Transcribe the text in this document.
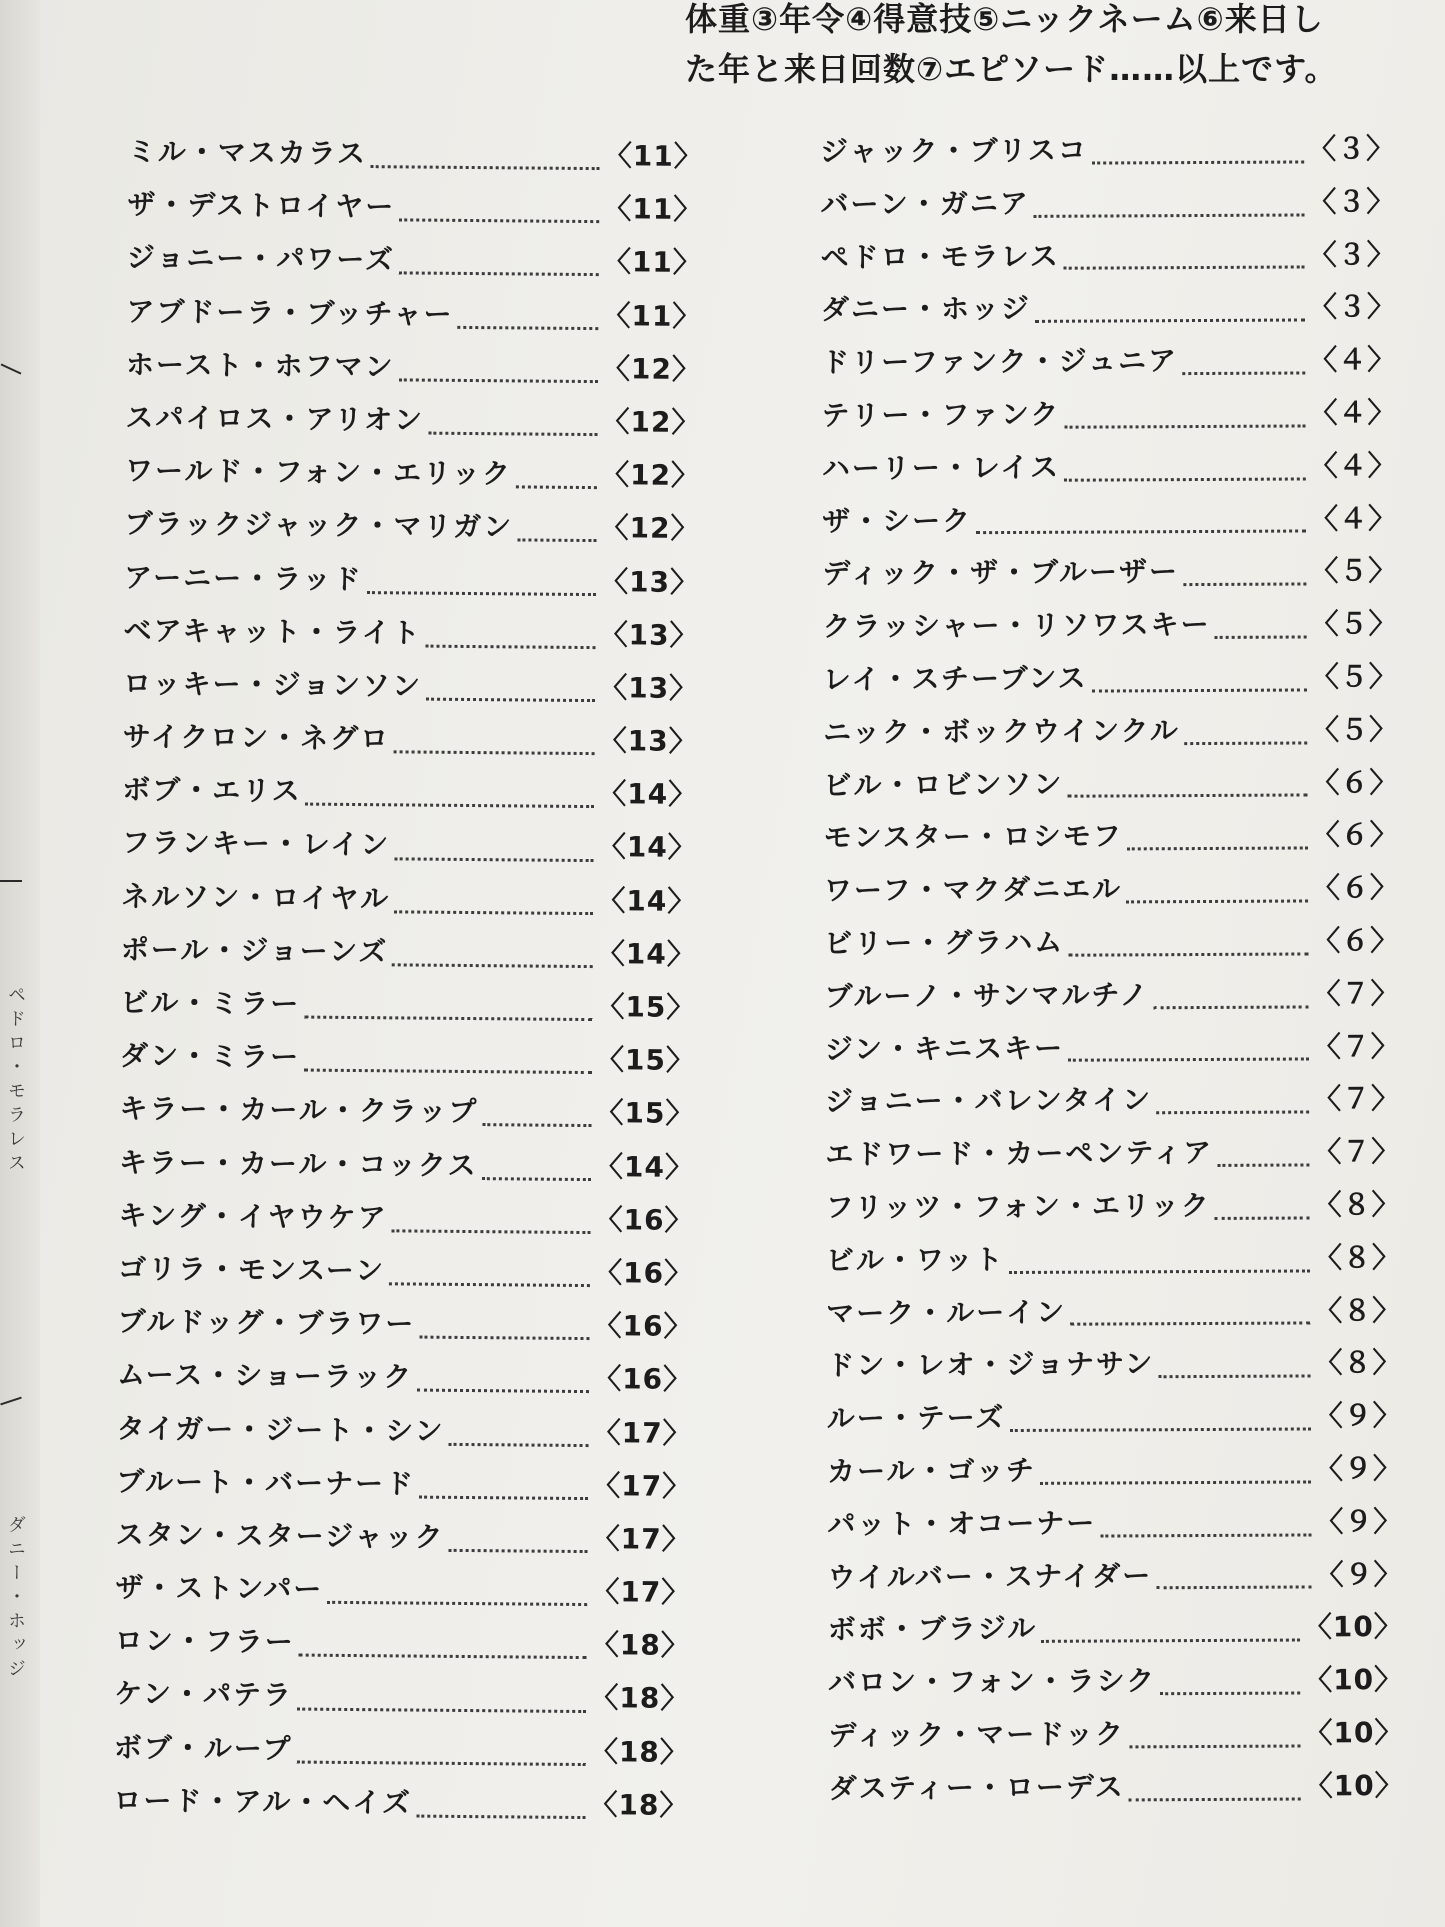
ペドロ・モラレス
ダニー・ホッジ
体重③年令④得意技⑤ニックネーム⑥来日し
た年と来日回数⑦エピソード……以上です。
ミル・マスカラス	〈11〉
ザ・デストロイヤー	〈11〉
ジョニー・パワーズ	〈11〉
アブドーラ・ブッチャー	〈11〉
ホースト・ホフマン	〈12〉
スパイロス・アリオン	〈12〉
ワールド・フォン・エリック	〈12〉
ブラックジャック・マリガン	〈12〉
アーニー・ラッド	〈13〉
ベアキャット・ライト	〈13〉
ロッキー・ジョンソン	〈13〉
サイクロン・ネグロ	〈13〉
ボブ・エリス	〈14〉
フランキー・レイン	〈14〉
ネルソン・ロイヤル	〈14〉
ポール・ジョーンズ	〈14〉
ビル・ミラー	〈15〉
ダン・ミラー	〈15〉
キラー・カール・クラップ	〈15〉
キラー・カール・コックス	〈14〉
キング・イヤウケア	〈16〉
ゴリラ・モンスーン	〈16〉
ブルドッグ・ブラワー	〈16〉
ムース・ショーラック	〈16〉
タイガー・ジート・シン	〈17〉
ブルート・バーナード	〈17〉
スタン・スタージャック	〈17〉
ザ・ストンパー	〈17〉
ロン・フラー	〈18〉
ケン・パテラ	〈18〉
ボブ・ループ	〈18〉
ロード・アル・ヘイズ	〈18〉
ジャック・ブリスコ	〈３〉
バーン・ガニア	〈３〉
ペドロ・モラレス	〈３〉
ダニー・ホッジ	〈３〉
ドリーファンク・ジュニア	〈４〉
テリー・ファンク	〈４〉
ハーリー・レイス	〈４〉
ザ・シーク	〈４〉
ディック・ザ・ブルーザー	〈５〉
クラッシャー・リソワスキー	〈５〉
レイ・スチーブンス	〈５〉
ニック・ボックウインクル	〈５〉
ビル・ロビンソン	〈６〉
モンスター・ロシモフ	〈６〉
ワーフ・マクダニエル	〈６〉
ビリー・グラハム	〈６〉
ブルーノ・サンマルチノ	〈７〉
ジン・キニスキー	〈７〉
ジョニー・バレンタイン	〈７〉
エドワード・カーペンティア	〈７〉
フリッツ・フォン・エリック	〈８〉
ビル・ワット	〈８〉
マーク・ルーイン	〈８〉
ドン・レオ・ジョナサン	〈８〉
ルー・テーズ	〈９〉
カール・ゴッチ	〈９〉
パット・オコーナー	〈９〉
ウイルバー・スナイダー	〈９〉
ボボ・ブラジル	〈10〉
バロン・フォン・ラシク	〈10〉
ディック・マードック	〈10〉
ダスティー・ローデス	〈10〉
